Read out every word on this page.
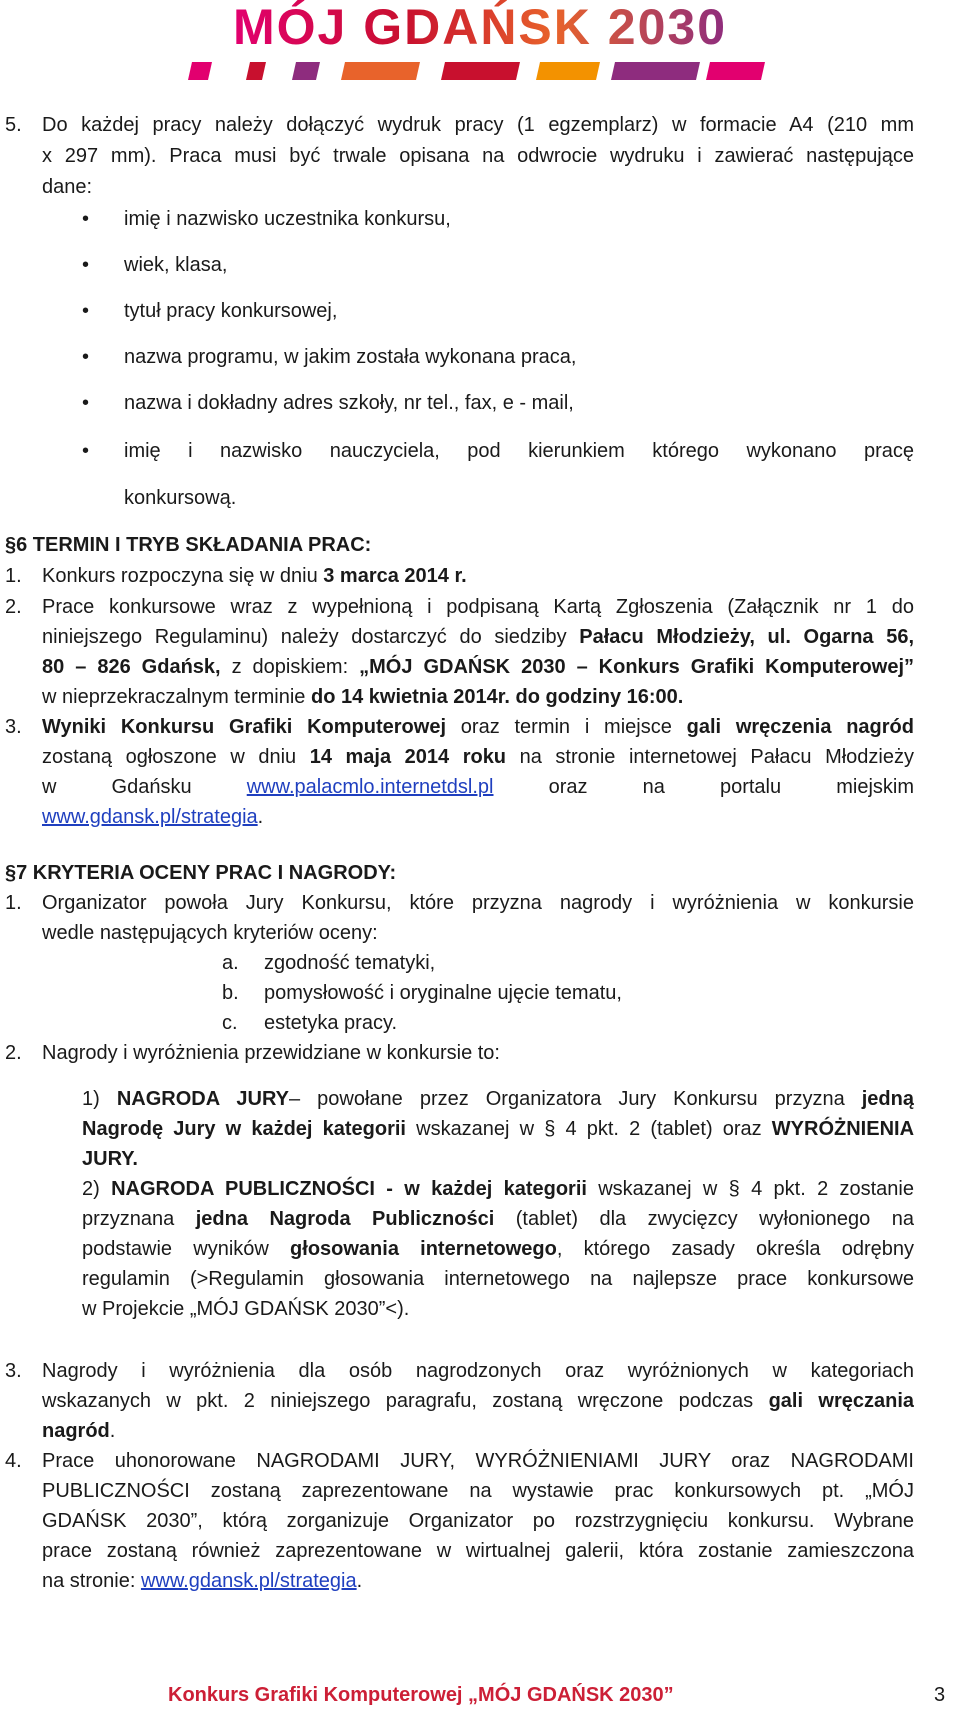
MÓJ GDAŃSK 2030
5. Do każdej pracy należy dołączyć wydruk pracy (1 egzemplarz) w formacie A4 (210 mm
x 297 mm). Praca musi być trwale opisana na odwrocie wydruku i zawierać następujące
dane:
• imię i nazwisko uczestnika konkursu,
• wiek, klasa,
• tytuł pracy konkursowej,
• nazwa programu, w jakim została wykonana praca,
• nazwa i dokładny adres szkoły, nr tel., fax, e - mail,
• imię i nazwisko nauczyciela, pod kierunkiem którego wykonano pracę
konkursową.
§6 TERMIN I TRYB SKŁADANIA PRAC:
1. Konkurs rozpoczyna się w dniu 3 marca 2014 r.
2. Prace konkursowe wraz z wypełnioną i podpisaną Kartą Zgłoszenia (Załącznik nr 1 do
niniejszego Regulaminu) należy dostarczyć do siedziby Pałacu Młodzieży, ul. Ogarna 56,
80 – 826 Gdańsk, z dopiskiem: „MÓJ GDAŃSK 2030 – Konkurs Grafiki Komputerowej”
w nieprzekraczalnym terminie do 14 kwietnia 2014r. do godziny 16:00.
3. Wyniki Konkursu Grafiki Komputerowej oraz termin i miejsce gali wręczenia nagród
zostaną ogłoszone w dniu 14 maja 2014 roku na stronie internetowej Pałacu Młodzieży
w Gdańsku www.palacmlo.internetdsl.pl oraz na portalu miejskim
www.gdansk.pl/strategia.
§7 KRYTERIA OCENY PRAC I NAGRODY:
1. Organizator powoła Jury Konkursu, które przyzna nagrody i wyróżnienia w konkursie
wedle następujących kryteriów oceny:
a. zgodność tematyki,
b. pomysłowość i oryginalne ujęcie tematu,
c. estetyka pracy.
2. Nagrody i wyróżnienia przewidziane w konkursie to:
1) NAGRODA JURY– powołane przez Organizatora Jury Konkursu przyzna jedną
Nagrodę Jury w każdej kategorii wskazanej w § 4 pkt. 2 (tablet) oraz WYRÓŻNIENIA
JURY.
2) NAGRODA PUBLICZNOŚCI - w każdej kategorii wskazanej w § 4 pkt. 2 zostanie
przyznana jedna Nagroda Publiczności (tablet) dla zwycięzcy wyłonionego na
podstawie wyników głosowania internetowego, którego zasady określa odrębny
regulamin (>Regulamin głosowania internetowego na najlepsze prace konkursowe
w Projekcie „MÓJ GDAŃSK 2030”<).
3. Nagrody i wyróżnienia dla osób nagrodzonych oraz wyróżnionych w kategoriach
wskazanych w pkt. 2 niniejszego paragrafu, zostaną wręczone podczas gali wręczania
nagród.
4. Prace uhonorowane NAGRODAMI JURY, WYRÓŻNIENIAMI JURY oraz NAGRODAMI
PUBLICZNOŚCI zostaną zaprezentowane na wystawie prac konkursowych pt. „MÓJ
GDAŃSK 2030”, którą zorganizuje Organizator po rozstrzygnięciu konkursu. Wybrane
prace zostaną również zaprezentowane w wirtualnej galerii, która zostanie zamieszczona
na stronie: www.gdansk.pl/strategia.
Konkurs Grafiki Komputerowej „MÓJ GDAŃSK 2030”	3
